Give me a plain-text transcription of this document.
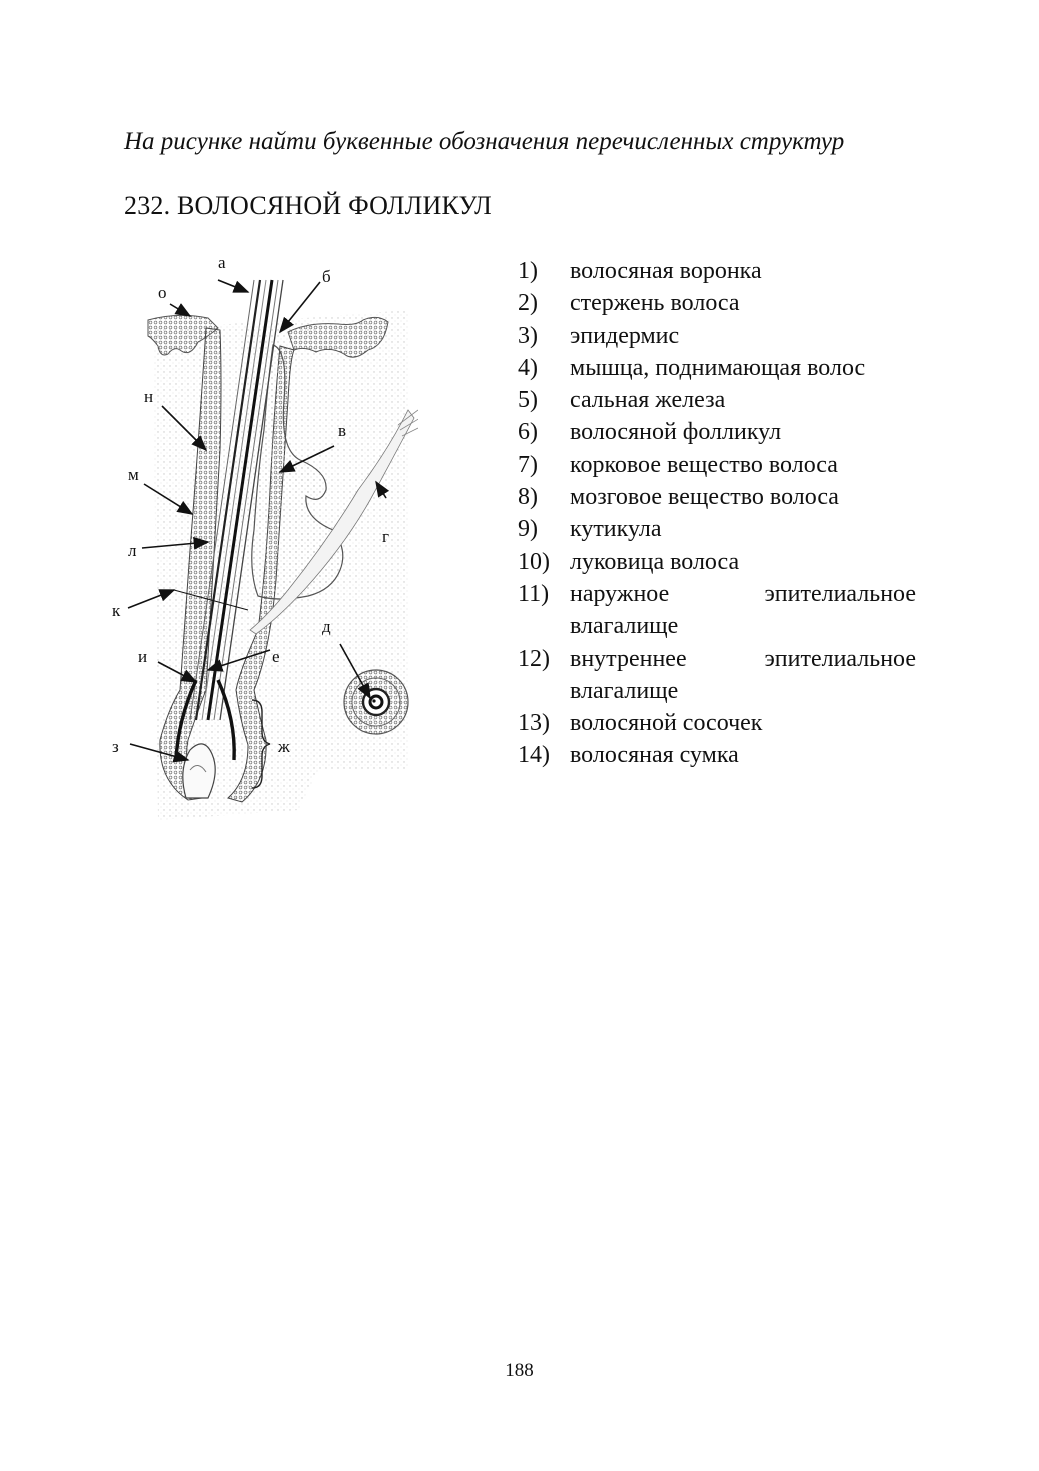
На рисунке найти буквенные обозначения перечисленных структур

232. ВОЛОСЯНОЙ ФОЛЛИКУЛ
а
б
о
н
в
м
г
л
к
д
и	е
з	ж
1)	волосяная воронка
2)	стержень волоса
3)	эпидермис
4)	мышца, поднимающая волос
5)	сальная железа
6)	волосяной фолликул
7)	корковое вещество волоса
8)	мозговое вещество волоса
9)	кутикула
10) луковица волоса
11) наружное эпителиальное влагалище
12) внутреннее эпителиальное влагалище
13) волосяной сосочек
14) волосяная сумка
188
